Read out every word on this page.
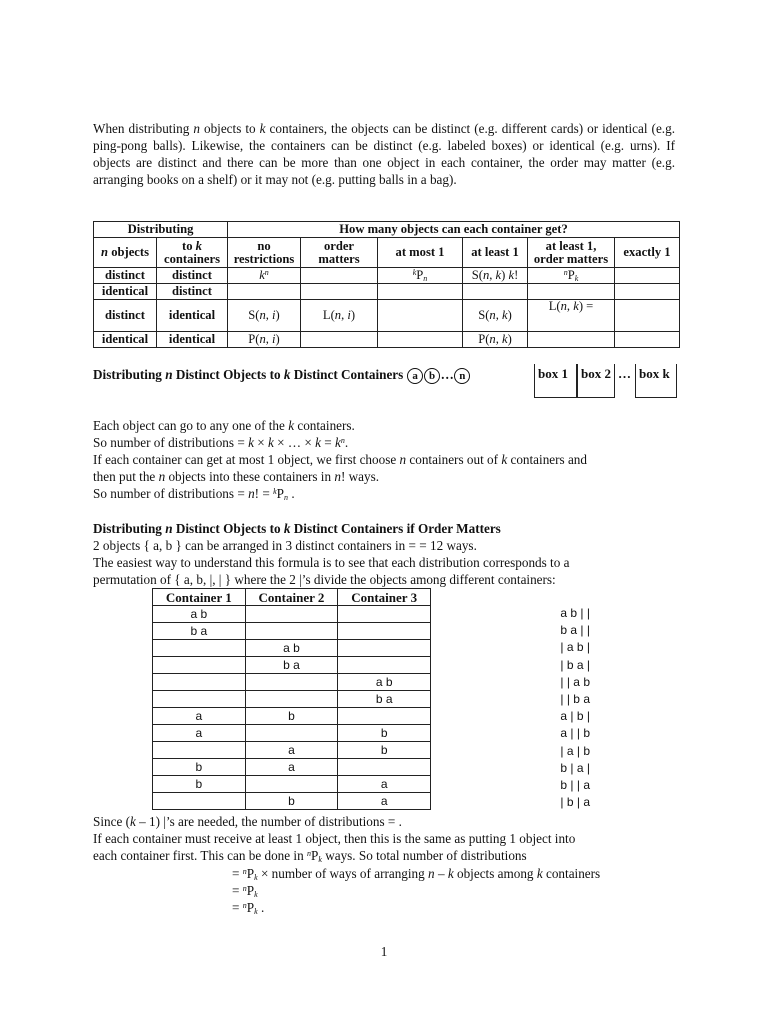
When distributing n objects to k containers, the objects can be distinct (e.g. different cards) or identical (e.g. ping-pong balls). Likewise, the containers can be distinct (e.g. labeled boxes) or identical (e.g. urns). If objects are distinct and there can be more than one object in each container, the order may matter (e.g. arranging books on a shelf) or it may not (e.g. putting balls in a bag).
Distributing		How many objects can each container get?					
n objects	to k containers	no restrictions	order matters	at most 1	at least 1	at least 1, order matters	exactly 1
distinct	distinct	$k^n$		$^kP_n$	S(n, k) k!	$^nP_k$	
identical	distinct						
distinct	identical	S(n, i)	L(n, i)		S(n, k)	L(n, k) =	
identical	identical	P(n, i)			P(n, k)		
Distributing n Distinct Objects to k Distinct Containers a b … n	box 1	box 2 … box k
Each object can go to any one of the k containers.
So number of distributions = k × k × … × $k = k^n$.
If each container can get at most 1 object, we first choose n containers out of k containers and
then put the n objects into these containers in n! ways.
So number of distributions = n! = $^kP_n$ .
Distributing n Distinct Objects to k Distinct Containers if Order Matters
2 objects { a, b } can be arranged in 3 distinct containers in = = 12 ways.
The easiest way to understand this formula is to see that each distribution corresponds to a
permutation of { a, b, |, | } where the 2 |’s divide the objects among different containers:
Container 1	Container 2	Container 3
a b		
b a		
	a b	
	b a	
		a b
		b a
a	b	
a		b
	a	b
b	a	
b		a
	b	a
a b | |
b a | |
| a b |
| b a |
| | a b
| | b a
a | b |
a | | b
| a | b
b | a |
b | | a
| b | a
Since (k – 1) |’s are needed, the number of distributions = .
If each container must receive at least 1 object, then this is the same as putting 1 object into
each container first. This can be done in $^nP_k$ ways. So total number of distributions
= $^nP_k$ × number of ways of arranging n – k objects among k containers
= $^nP_k$
= $^nP_k$ .
1
